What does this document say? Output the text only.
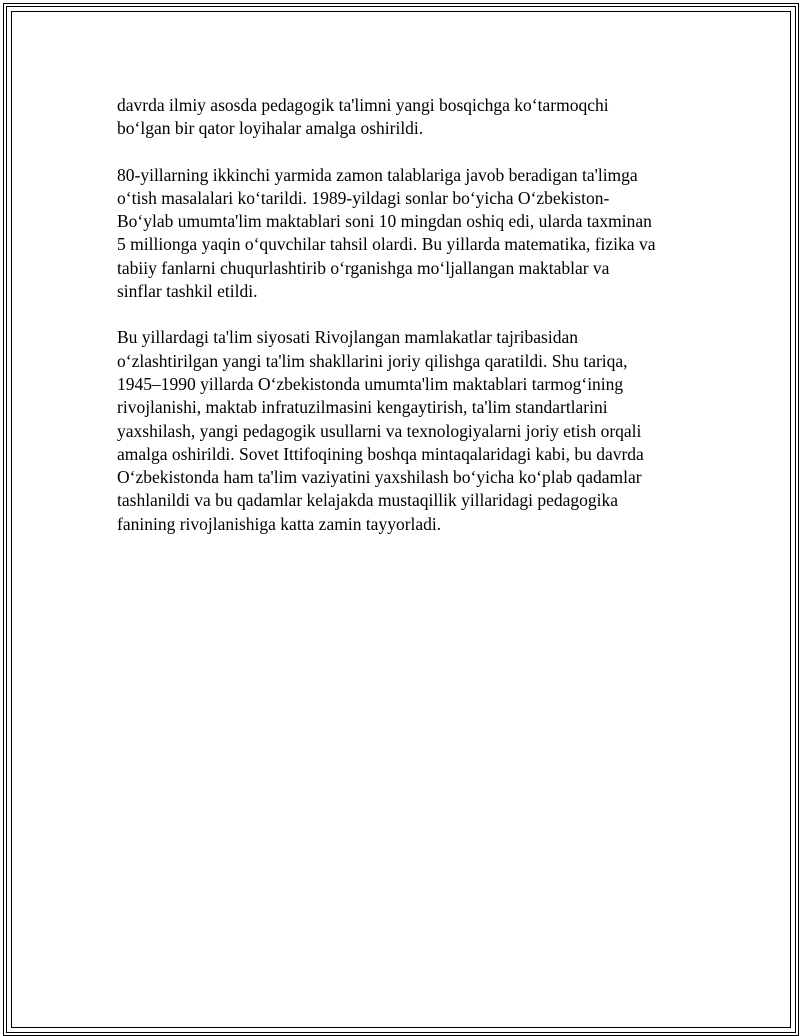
davrda ilmiy asosda pedagogik ta'limni yangi bosqichga ko‘tarmoqchi
bo‘lgan bir qator loyihalar amalga oshirildi.

80-yillarning ikkinchi yarmida zamon talablariga javob beradigan ta'limga
o‘tish masalalari ko‘tarildi. 1989-yildagi sonlar bo‘yicha O‘zbekiston-
Bo‘ylab umumta'lim maktablari soni 10 mingdan oshiq edi, ularda taxminan
5 millionga yaqin o‘quvchilar tahsil olardi. Bu yillarda matematika, fizika va
tabiiy fanlarni chuqurlashtirib o‘rganishga mo‘ljallangan maktablar va
sinflar tashkil etildi.

Bu yillardagi ta'lim siyosati Rivojlangan mamlakatlar tajribasidan
o‘zlashtirilgan yangi ta'lim shakllarini joriy qilishga qaratildi. Shu tariqa,
1945–1990 yillarda O‘zbekistonda umumta'lim maktablari tarmog‘ining
rivojlanishi, maktab infratuzilmasini kengaytirish, ta'lim standartlarini
yaxshilash, yangi pedagogik usullarni va texnologiyalarni joriy etish orqali
amalga oshirildi. Sovet Ittifoqining boshqa mintaqalaridagi kabi, bu davrda
O‘zbekistonda ham ta'lim vaziyatini yaxshilash bo‘yicha ko‘plab qadamlar
tashlanildi va bu qadamlar kelajakda mustaqillik yillaridagi pedagogika
fanining rivojlanishiga katta zamin tayyorladi.
